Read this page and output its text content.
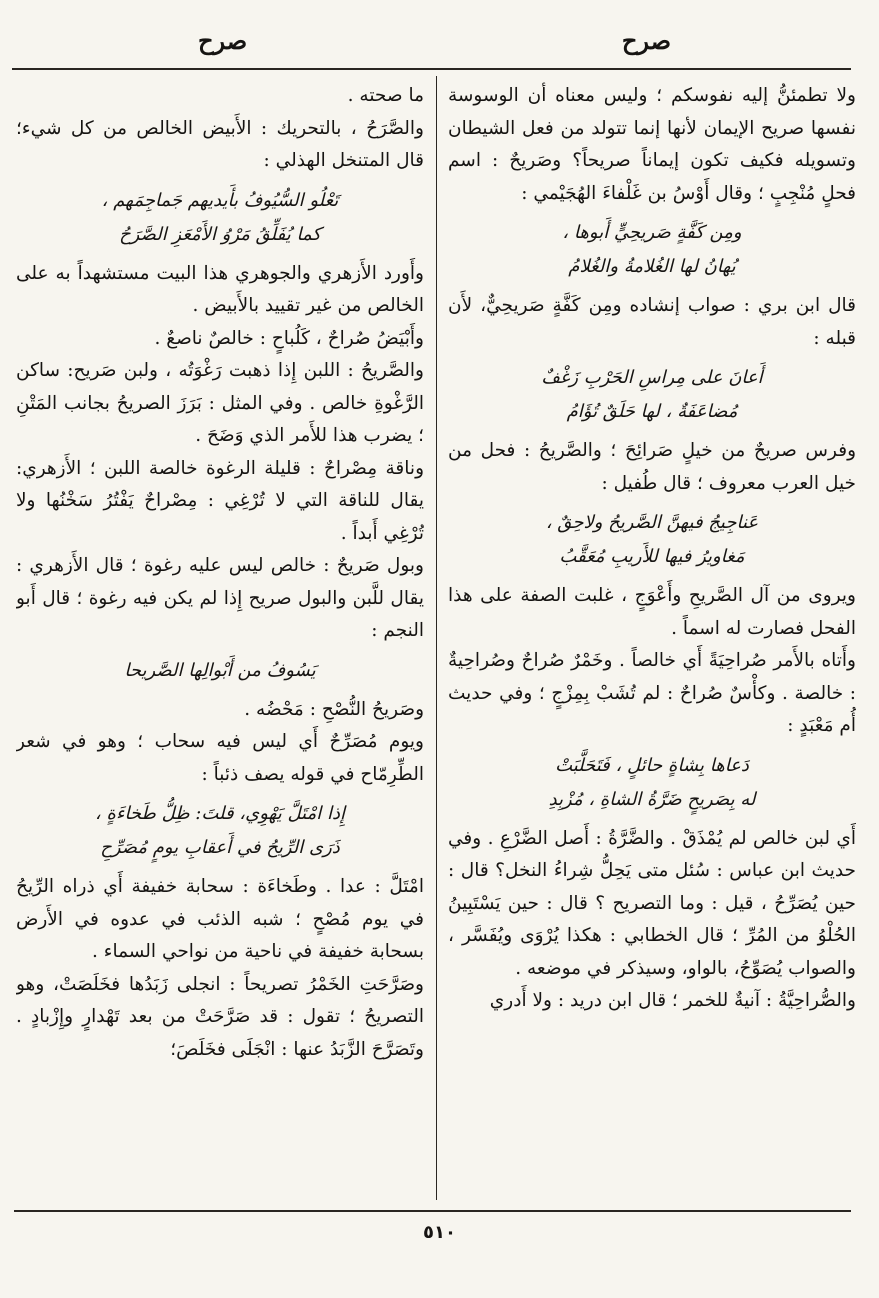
صرح
صرح

ولا تطمئنُّ إليه نفوسكم ؛ وليس معناه أن الوسوسة نفسها صريح الإيمان لأنها إنما تتولد من فعل الشيطان وتسويله فكيف تكون إيماناً صريحاً؟ وصَريحٌ : اسم فحلٍ مُنْجِبٍ ؛ وقال أَوْسُ بن غَلْفاءَ الهُجَيْمي :

ومِن كَفَّةٍ صَريحِيٍّ أَبوها ،
يُهانُ لها الغُلامةُ والغُلامُ

قال ابن بري : صواب إنشاده ومِن كَفَّةٍ صَريحِيٌّ، لأَن قبله :

أَعانَ على مِراسِ الحَرْبِ زَغْفٌ
مُضاعَفَةٌ ، لها حَلَقٌ تُؤَامُ

وفرس صريحٌ من خيلٍ صَرائِحَ ؛ والصَّريحُ : فحل من خيل العرب معروف ؛ قال طُفيل :

عَناجِيجُ فيهنَّ الصَّريحُ ولاحِقٌ ،
مَغاويرُ فيها للأَريبِ مُعَقَّبُ

ويروى من آل الصَّريحِ وأَعْوَجٍ ، غلبت الصفة على هذا الفحل فصارت له اسماً .

وأَتاه بالأَمر صُراحِيَةً أَي خالصاً . وخَمْرٌ صُراحٌ وصُراحِيةٌ : خالصة . وكأْسٌ صُراحٌ : لم تُشَبْ بِمِزْجٍ ؛ وفي حديث أُم مَعْبَدٍ :

دَعاها بِشاةٍ حائلٍ ، فَتَحَلَّبَتْ
له بِصَريحٍ ضَرَّةُ الشاةِ ، مُزْبِدِ

أَي لبن خالص لم يُمْذَقْ . والضَّرَّةُ : أَصل الضَّرْعِ . وفي حديث ابن عباس : سُئل متى يَحِلُّ شِراءُ النخل؟ قال : حين يُصَرِّحُ ، قيل : وما التصريح ؟ قال : حين يَسْتَبِينُ الحُلْوُ من المُرِّ ؛ قال الخطابي : هكذا يُرْوَى ويُفَسَّر ، والصواب يُصَوِّحُ، بالواو، وسيذكر في موضعه .

والصُّراحِيَّةُ : آنيةٌ للخمر ؛ قال ابن دريد : ولا أَدري

ما صحته .

والصَّرَحُ ، بالتحريك : الأَبيض الخالص من كل شيء؛ قال المتنخل الهذلي :

تَعْلُو السُّيُوفُ بأَيديهم جَماجِمَهم ،
كما يُفَلِّقُ مَرْوُ الأَمْعَزِ الصَّرَحُ

وأَورد الأَزهري والجوهري هذا البيت مستشهداً به على الخالص من غير تقييد بالأَبيض .

وأَبْيَضُ صُراحٌ ، كَلُباحٍ : خالصٌ ناصعٌ .

والصَّريحُ : اللبن إِذا ذهبت رَغْوَتُه ، ولبن صَريح: ساكن الرَّغْوةِ خالص . وفي المثل : بَرَزَ الصريحُ بجانب المَتْنِ ؛ يضرب هذا للأَمر الذي وَضَحَ .

وناقة مِصْراحٌ : قليلة الرغوة خالصة اللبن ؛ الأَزهري: يقال للناقة التي لا تُرْغِي : مِصْراحٌ يَفْتُرُ سَخْنُها ولا تُرْغِي أَبداً .

وبول صَريحٌ : خالص ليس عليه رغوة ؛ قال الأَزهري : يقال للَّبن والبول صريح إِذا لم يكن فيه رغوة ؛ قال أَبو النجم :

يَسُوفُ من أَبْوالِها الصَّريحا

وصَريحُ النُّصْحِ : مَحْضُه .

ويوم مُصَرِّحٌ أَي ليس فيه سحاب ؛ وهو في شعر الطِّرِمّاح في قوله يصف ذئباً :

إِذا امْتَلَّ يَهْوِي، قلتَ: ظِلُّ طَخاءَةٍ ،
ذَرَى الرِّيحُ في أَعقابِ يومٍ مُصَرِّحِ

امْتَلَّ : عدا . وطَخاءَة : سحابة خفيفة أَي ذراه الرِّيحُ في يوم مُصْحٍ ؛ شبه الذئب في عدوه في الأَرض بسحابة خفيفة في ناحية من نواحي السماء .

وصَرَّحَتِ الخَمْرُ تصريحاً : انجلى زَبَدُها فخَلَصَتْ، وهو التصريحُ ؛ تقول : قد صَرَّحَتْ من بعد تَهْدارٍ وإِزْبادٍ . وتَصَرَّحَ الزَّبَدُ عنها : انْجَلَى فخَلَصَ؛

٥١٠
